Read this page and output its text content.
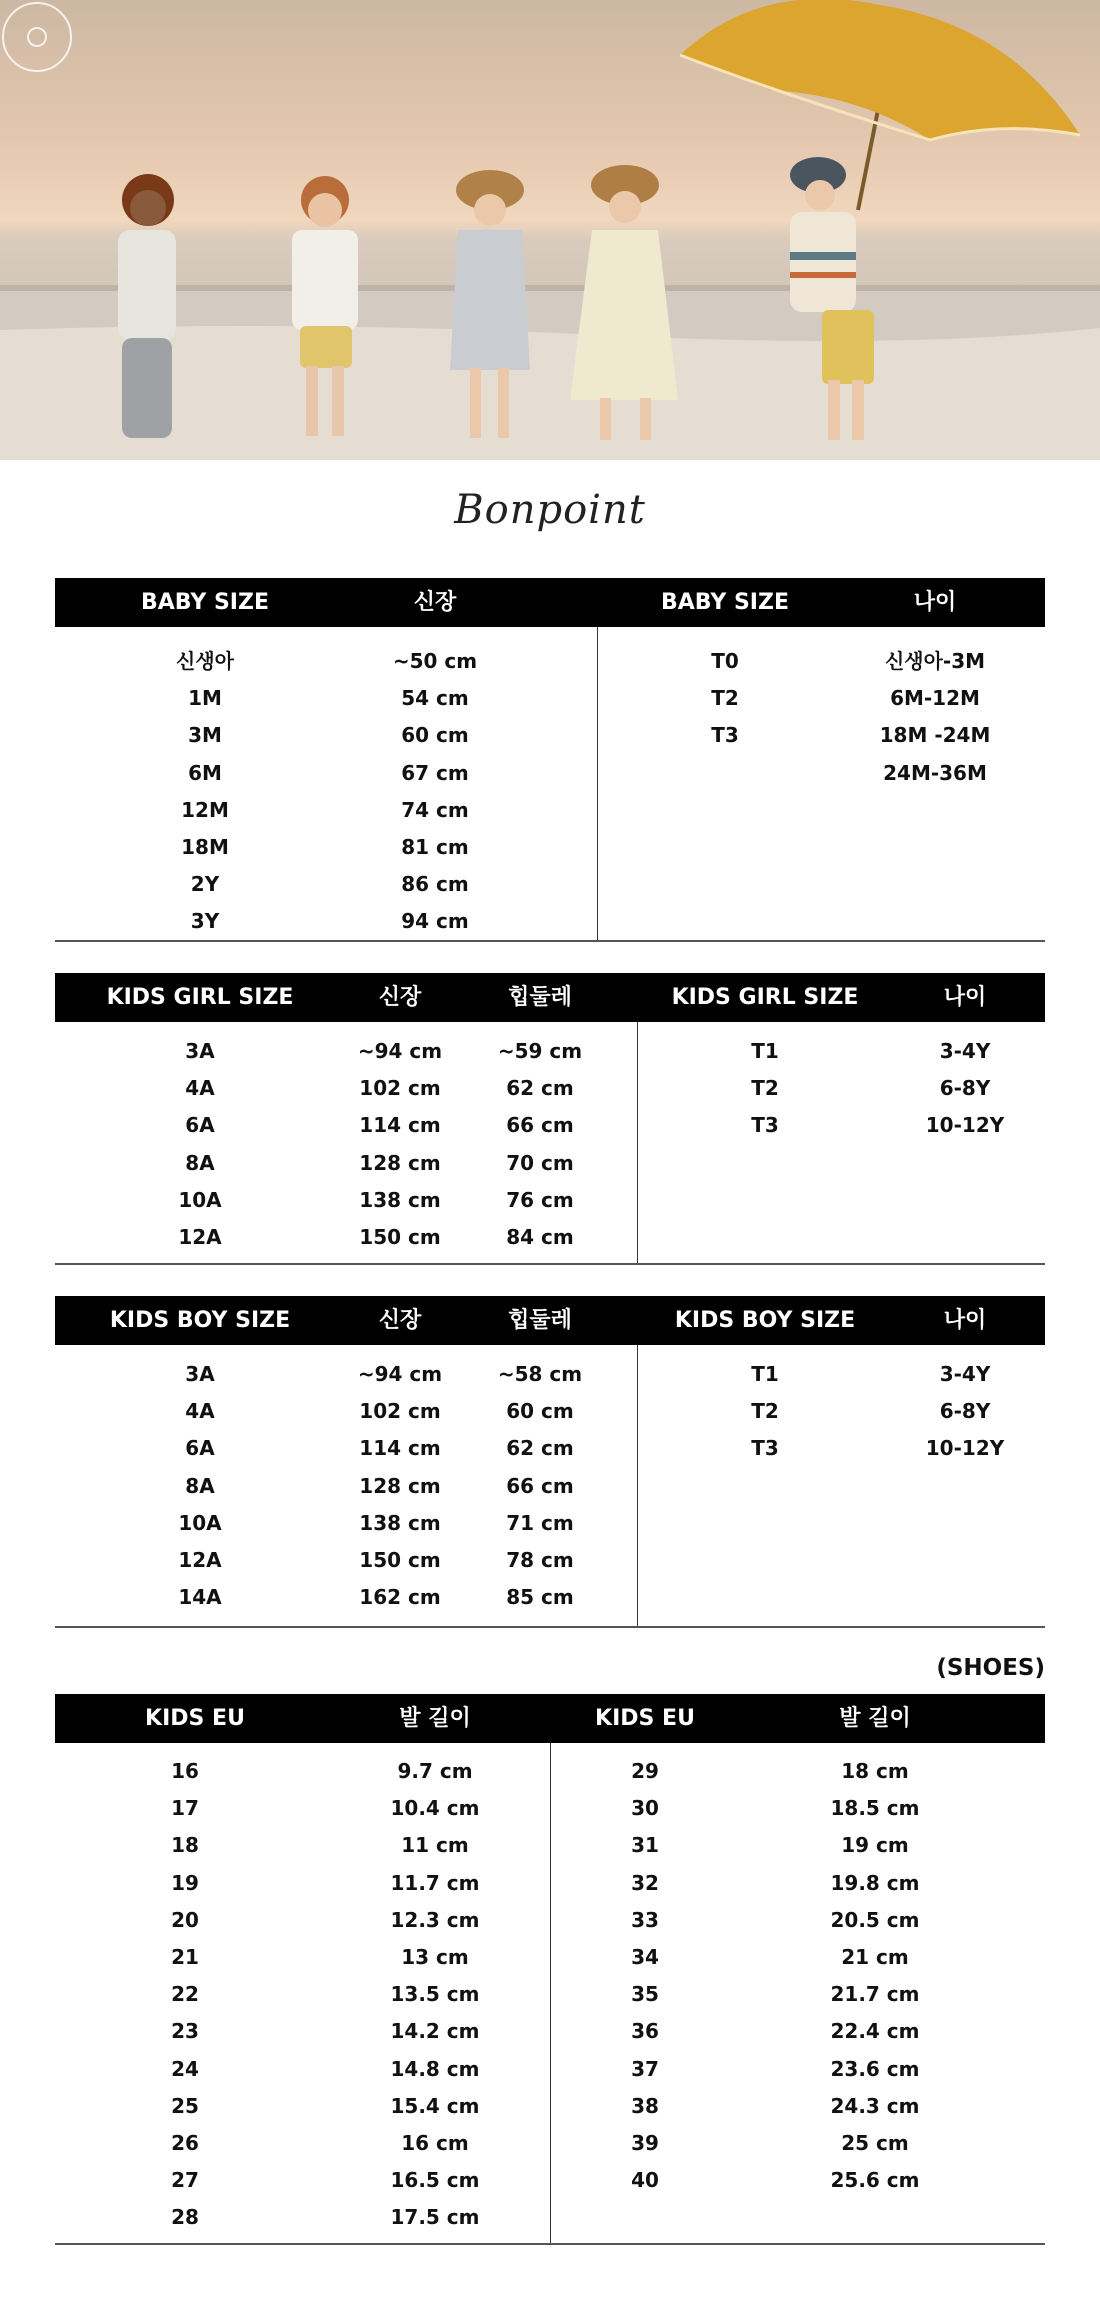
Bonpoint
BABY SIZE	신장	BABY SIZE	나이
신생아	~50 cm
1M	54 cm
3M	60 cm
6M	67 cm
12M	74 cm
18M	81 cm
2Y	86 cm
3Y	94 cm
T0	신생아-3M
T2	6M-12M
T3	18M -24M
24M-36M
KIDS GIRL SIZE	신장	힙둘레	KIDS GIRL SIZE	나이
3A	~94 cm	~59 cm
4A	102 cm	62 cm
6A	114 cm	66 cm
8A	128 cm	70 cm
10A	138 cm	76 cm
12A	150 cm	84 cm
T1	3-4Y
T2	6-8Y
T3	10-12Y
KIDS BOY SIZE	신장	힙둘레	KIDS BOY SIZE	나이
3A	~94 cm	~58 cm
4A	102 cm	60 cm
6A	114 cm	62 cm
8A	128 cm	66 cm
10A	138 cm	71 cm
12A	150 cm	78 cm
14A	162 cm	85 cm
T1	3-4Y
T2	6-8Y
T3	10-12Y
(SHOES)
KIDS EU	발 길이	KIDS EU	발 길이
16	9.7 cm
17	10.4 cm
18	11 cm
19	11.7 cm
20	12.3 cm
21	13 cm
22	13.5 cm
23	14.2 cm
24	14.8 cm
25	15.4 cm
26	16 cm
27	16.5 cm
28	17.5 cm
29	18 cm
30	18.5 cm
31	19 cm
32	19.8 cm
33	20.5 cm
34	21 cm
35	21.7 cm
36	22.4 cm
37	23.6 cm
38	24.3 cm
39	25 cm
40	25.6 cm
